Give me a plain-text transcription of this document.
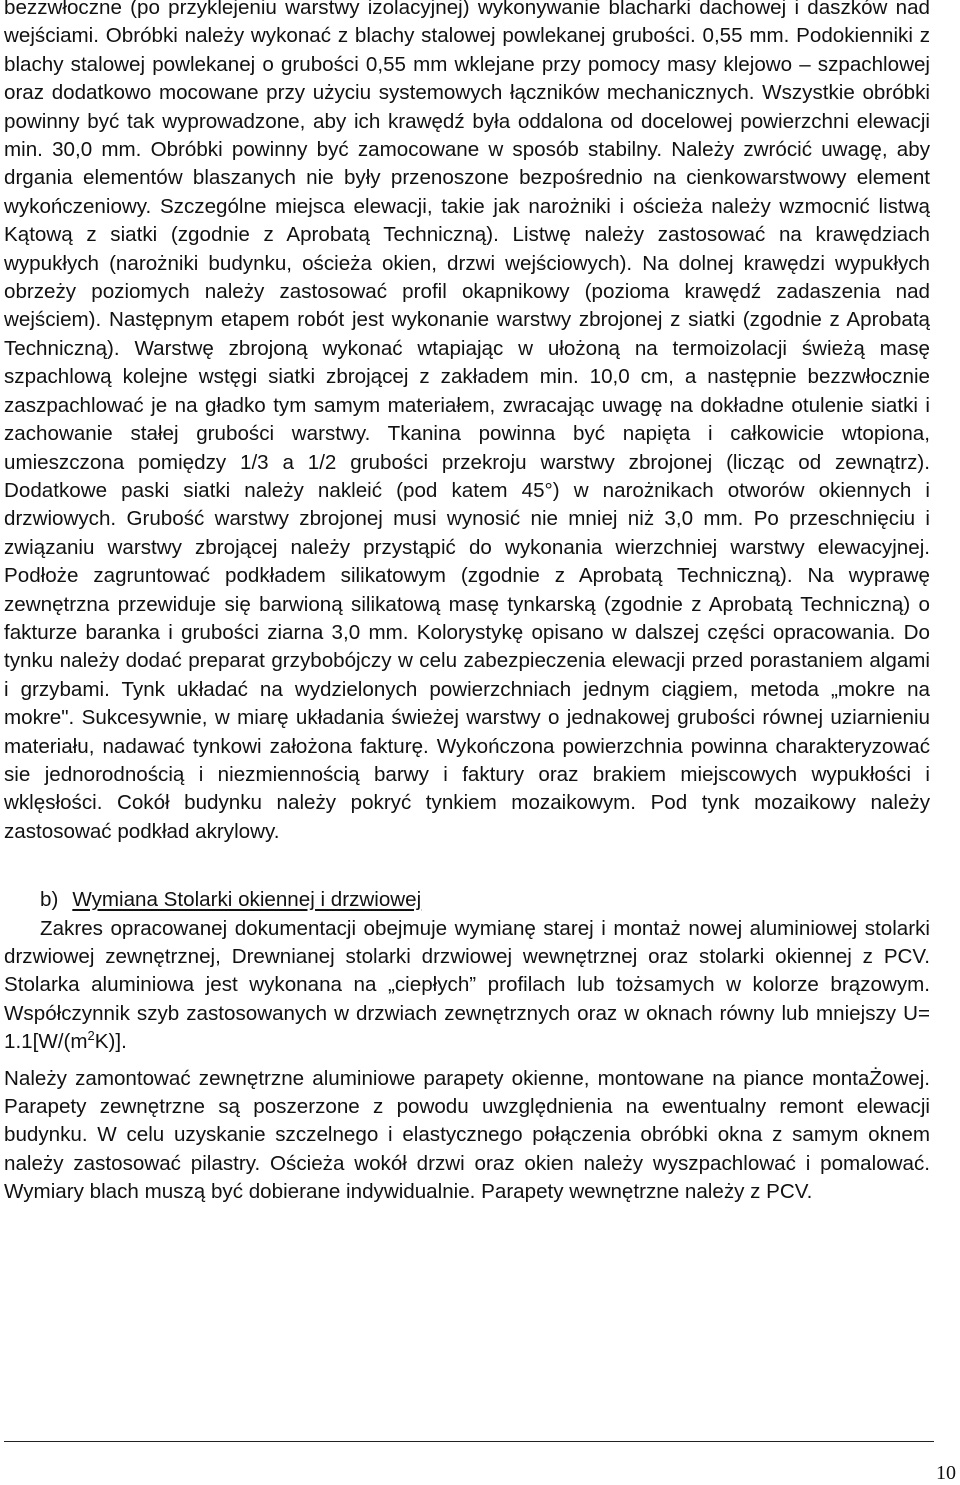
bezzwłoczne (po przyklejeniu warstwy izolacyjnej) wykonywanie blacharki dachowej i daszków nad wejściami. Obróbki należy wykonać z blachy stalowej powlekanej grubości. 0,55 mm. Podokienniki z blachy stalowej powlekanej o grubości 0,55 mm wklejane przy pomocy masy klejowo – szpachlowej oraz dodatkowo mocowane przy użyciu systemowych łączników mechanicznych. Wszystkie obróbki powinny być tak wyprowadzone, aby ich krawędź była oddalona od docelowej powierzchni elewacji min. 30,0 mm. Obróbki powinny być zamocowane w sposób stabilny. Należy zwrócić uwagę, aby drgania elementów blaszanych nie były przenoszone bezpośrednio na cienkowarstwowy element wykończeniowy. Szczególne miejsca elewacji, takie jak narożniki i ościeża należy wzmocnić listwą Kątową z siatki (zgodnie z Aprobatą Techniczną). Listwę należy zastosować na krawędziach wypukłych (narożniki budynku, ościeża okien, drzwi wejściowych). Na dolnej krawędzi wypukłych obrzeży poziomych należy zastosować profil okapnikowy (pozioma krawędź zadaszenia nad wejściem). Następnym etapem robót jest wykonanie warstwy zbrojonej z siatki (zgodnie z Aprobatą Techniczną). Warstwę zbrojoną wykonać wtapiając w ułożoną na termoizolacji świeżą masę szpachlową kolejne wstęgi siatki zbrojącej z zakładem min. 10,0 cm, a następnie bezzwłocznie zaszpachlować je na gładko tym samym materiałem, zwracając uwagę na dokładne otulenie siatki i zachowanie stałej grubości warstwy. Tkanina powinna być napięta i całkowicie wtopiona, umieszczona pomiędzy 1/3 a 1/2 grubości przekroju warstwy zbrojonej (licząc od zewnątrz). Dodatkowe paski siatki należy nakleić (pod katem 45°) w narożnikach otworów okiennych i drzwiowych. Grubość warstwy zbrojonej musi wynosić nie mniej niż 3,0 mm. Po przeschnięciu i związaniu warstwy zbrojącej należy przystąpić do wykonania wierzchniej warstwy elewacyjnej. Podłoże zagruntować podkładem silikatowym (zgodnie z Aprobatą Techniczną). Na wyprawę zewnętrzna przewiduje się barwioną silikatową masę tynkarską (zgodnie z Aprobatą Techniczną) o fakturze baranka i grubości ziarna 3,0 mm. Kolorystykę opisano w dalszej części opracowania. Do tynku należy dodać preparat grzybobójczy w celu zabezpieczenia elewacji przed porastaniem algami i grzybami. Tynk układać na wydzielonych powierzchniach jednym ciągiem, metoda „mokre na mokre". Sukcesywnie, w miarę układania świeżej warstwy o jednakowej grubości równej uziarnieniu materiału, nadawać tynkowi założona fakturę. Wykończona powierzchnia powinna charakteryzować sie jednorodnością i niezmiennością barwy i faktury oraz brakiem miejscowych wypukłości i wklęsłości. Cokół budynku należy pokryć tynkiem mozaikowym. Pod tynk mozaikowy należy zastosować podkład akrylowy.

b) Wymiana Stolarki okiennej i drzwiowej

Zakres opracowanej dokumentacji obejmuje wymianę starej i montaż nowej aluminiowej stolarki drzwiowej zewnętrznej, Drewnianej stolarki drzwiowej wewnętrznej oraz stolarki okiennej z PCV. Stolarka aluminiowa jest wykonana na „ciepłych” profilach lub tożsamych w kolorze brązowym. Współczynnik szyb zastosowanych w drzwiach zewnętrznych oraz w oknach równy lub mniejszy $U= 1.1[W/(m^2K)]$.

Należy zamontować zewnętrzne aluminiowe parapety okienne, montowane na piance montaŻowej. Parapety zewnętrzne są poszerzone z powodu uwzględnienia na ewentualny remont elewacji budynku. W celu uzyskanie szczelnego i elastycznego połączenia obróbki okna z samym oknem należy zastosować pilastry. Ościeża wokół drzwi oraz okien należy wyszpachlować i pomalować. Wymiary blach muszą być dobierane indywidualnie. Parapety wewnętrzne należy z PCV.

10
